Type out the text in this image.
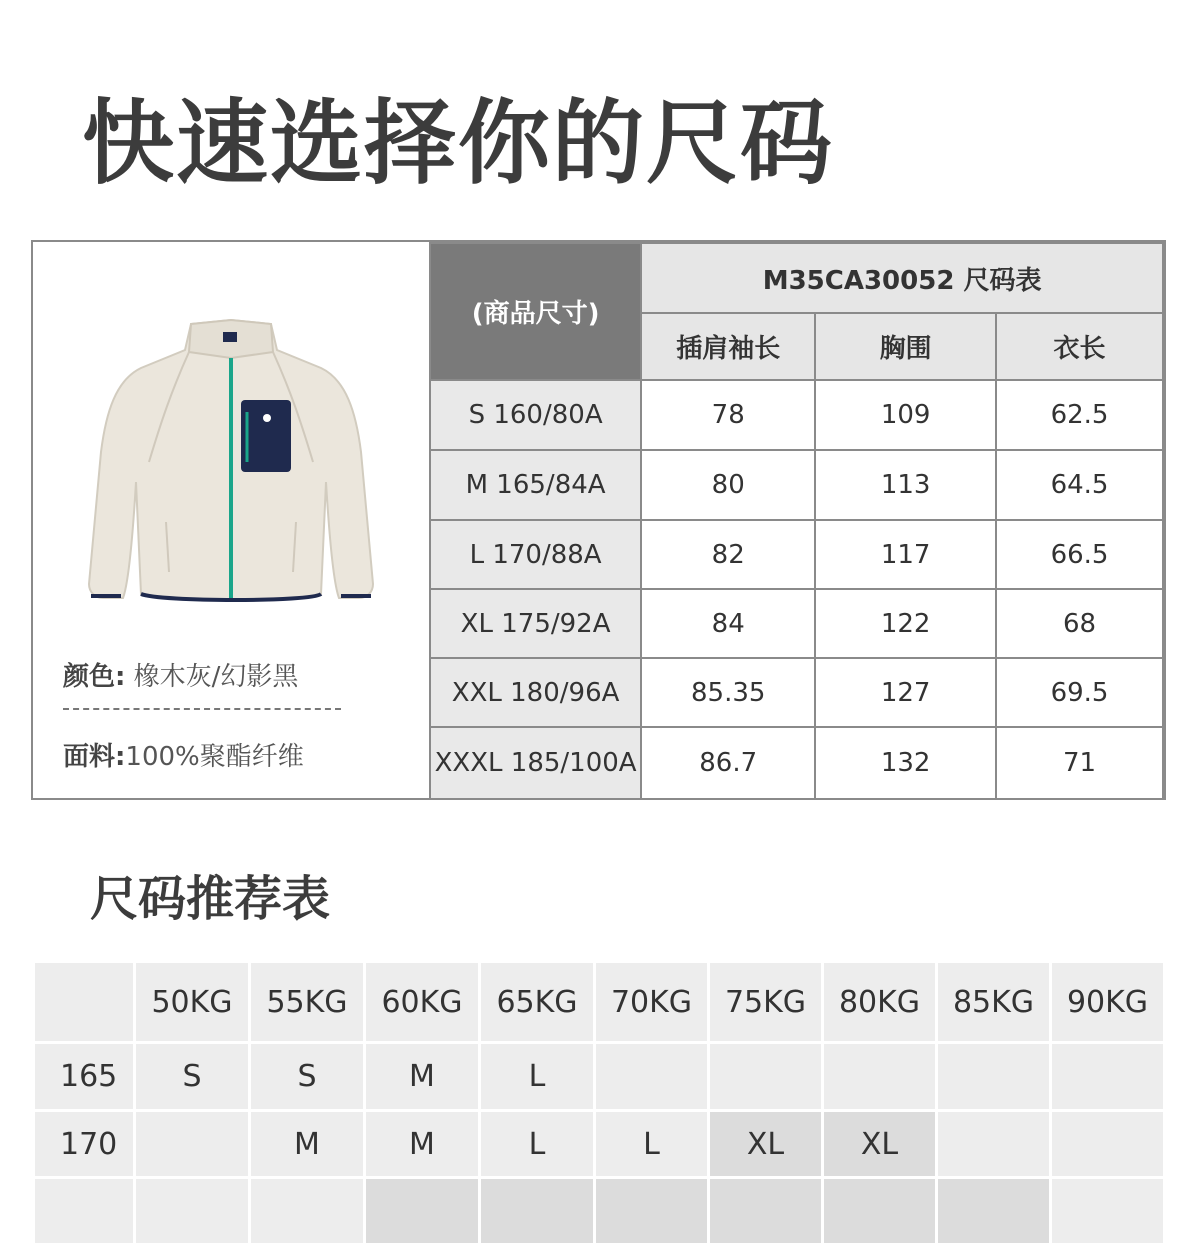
快速选择你的尺码
颜色: 橡木灰/幻影黑
面料:100%聚酯纤维
(商品尺寸)	M35CA30052 尺码表		
	插肩袖长	胸围	衣长
S 160/80A	78	109	62.5
M 165/84A	80	113	64.5
L 170/88A	82	117	66.5
XL 175/92A	84	122	68
XXL 180/96A	85.35	127	69.5
XXXL 185/100A	86.7	132	71
尺码推荐表
	50KG	55KG	60KG	65KG	70KG	75KG	80KG	85KG	90KG
165	S	S	M	L					
170		M	M	L	L	XL	XL		
